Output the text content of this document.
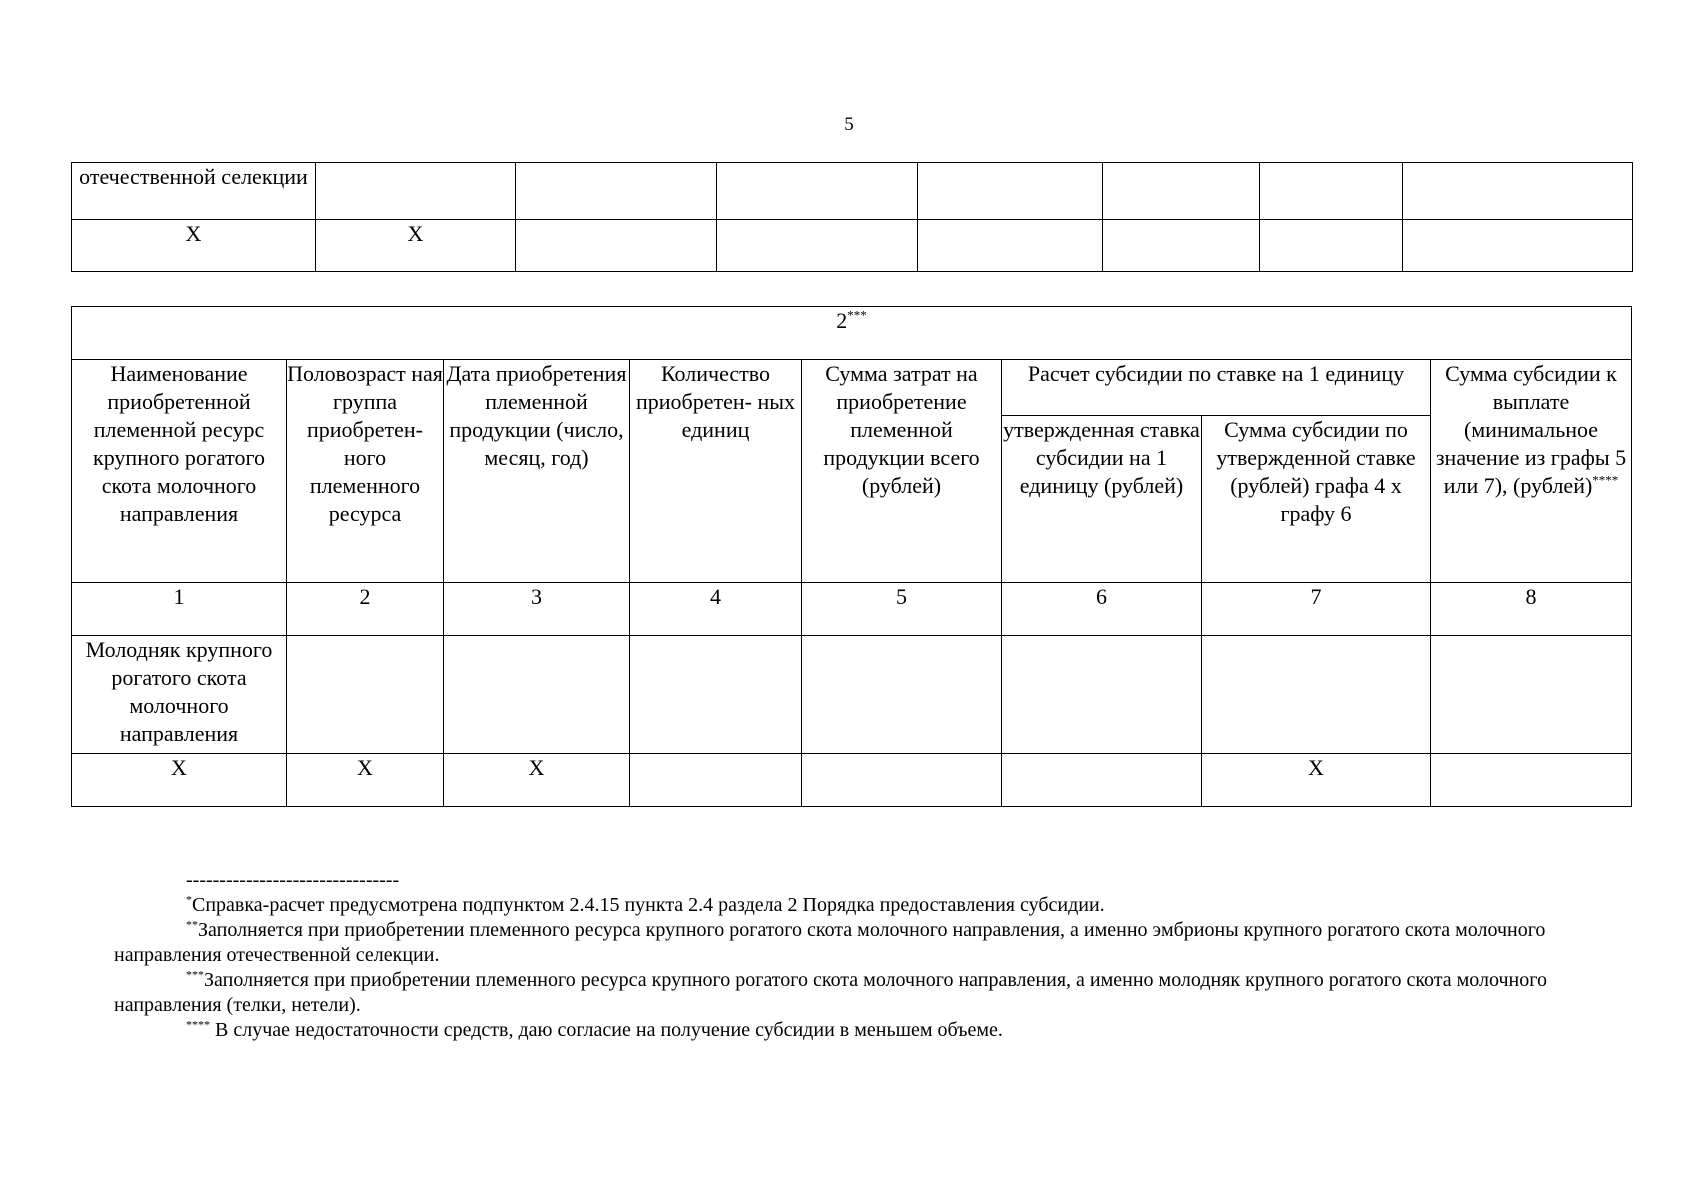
5
отечественной селекции							
X	X						
2***
Наименование приобретенной племенной ресурс крупного рогатого скота молочного направления	Половозраст ная группа приобретен- ного племенного ресурса	Дата приобретения племенной продукции (число, месяц, год)	Количество приобретен- ных единиц	Сумма затрат на приобретение племенной продукции всего (рублей)	Расчет субсидии по ставке на 1 единицу		Сумма субсидии к выплате (минимальное значение из графы 5 или 7), (рублей)****
					утвержденная ставка субсидии на 1 единицу (рублей)	Сумма субсидии по утвержденной ставке (рублей) графа 4 х графу 6	
1	2	3	4	5	6	7	8
Молодняк крупного рогатого скота молочного направления							
X	X	X				X	

--------------------------------

*Справка-расчет предусмотрена подпунктом 2.4.15 пункта 2.4 раздела 2 Порядка предоставления субсидии.

**Заполняется при приобретении племенного ресурса крупного рогатого скота молочного направления, а именно эмбрионы крупного рогатого скота молочного направления отечественной селекции.

***Заполняется при приобретении племенного ресурса крупного рогатого скота молочного направления, а именно молодняк крупного рогатого скота молочного направления (телки, нетели).

**** В случае недостаточности средств, даю согласие на получение субсидии в меньшем объеме.
